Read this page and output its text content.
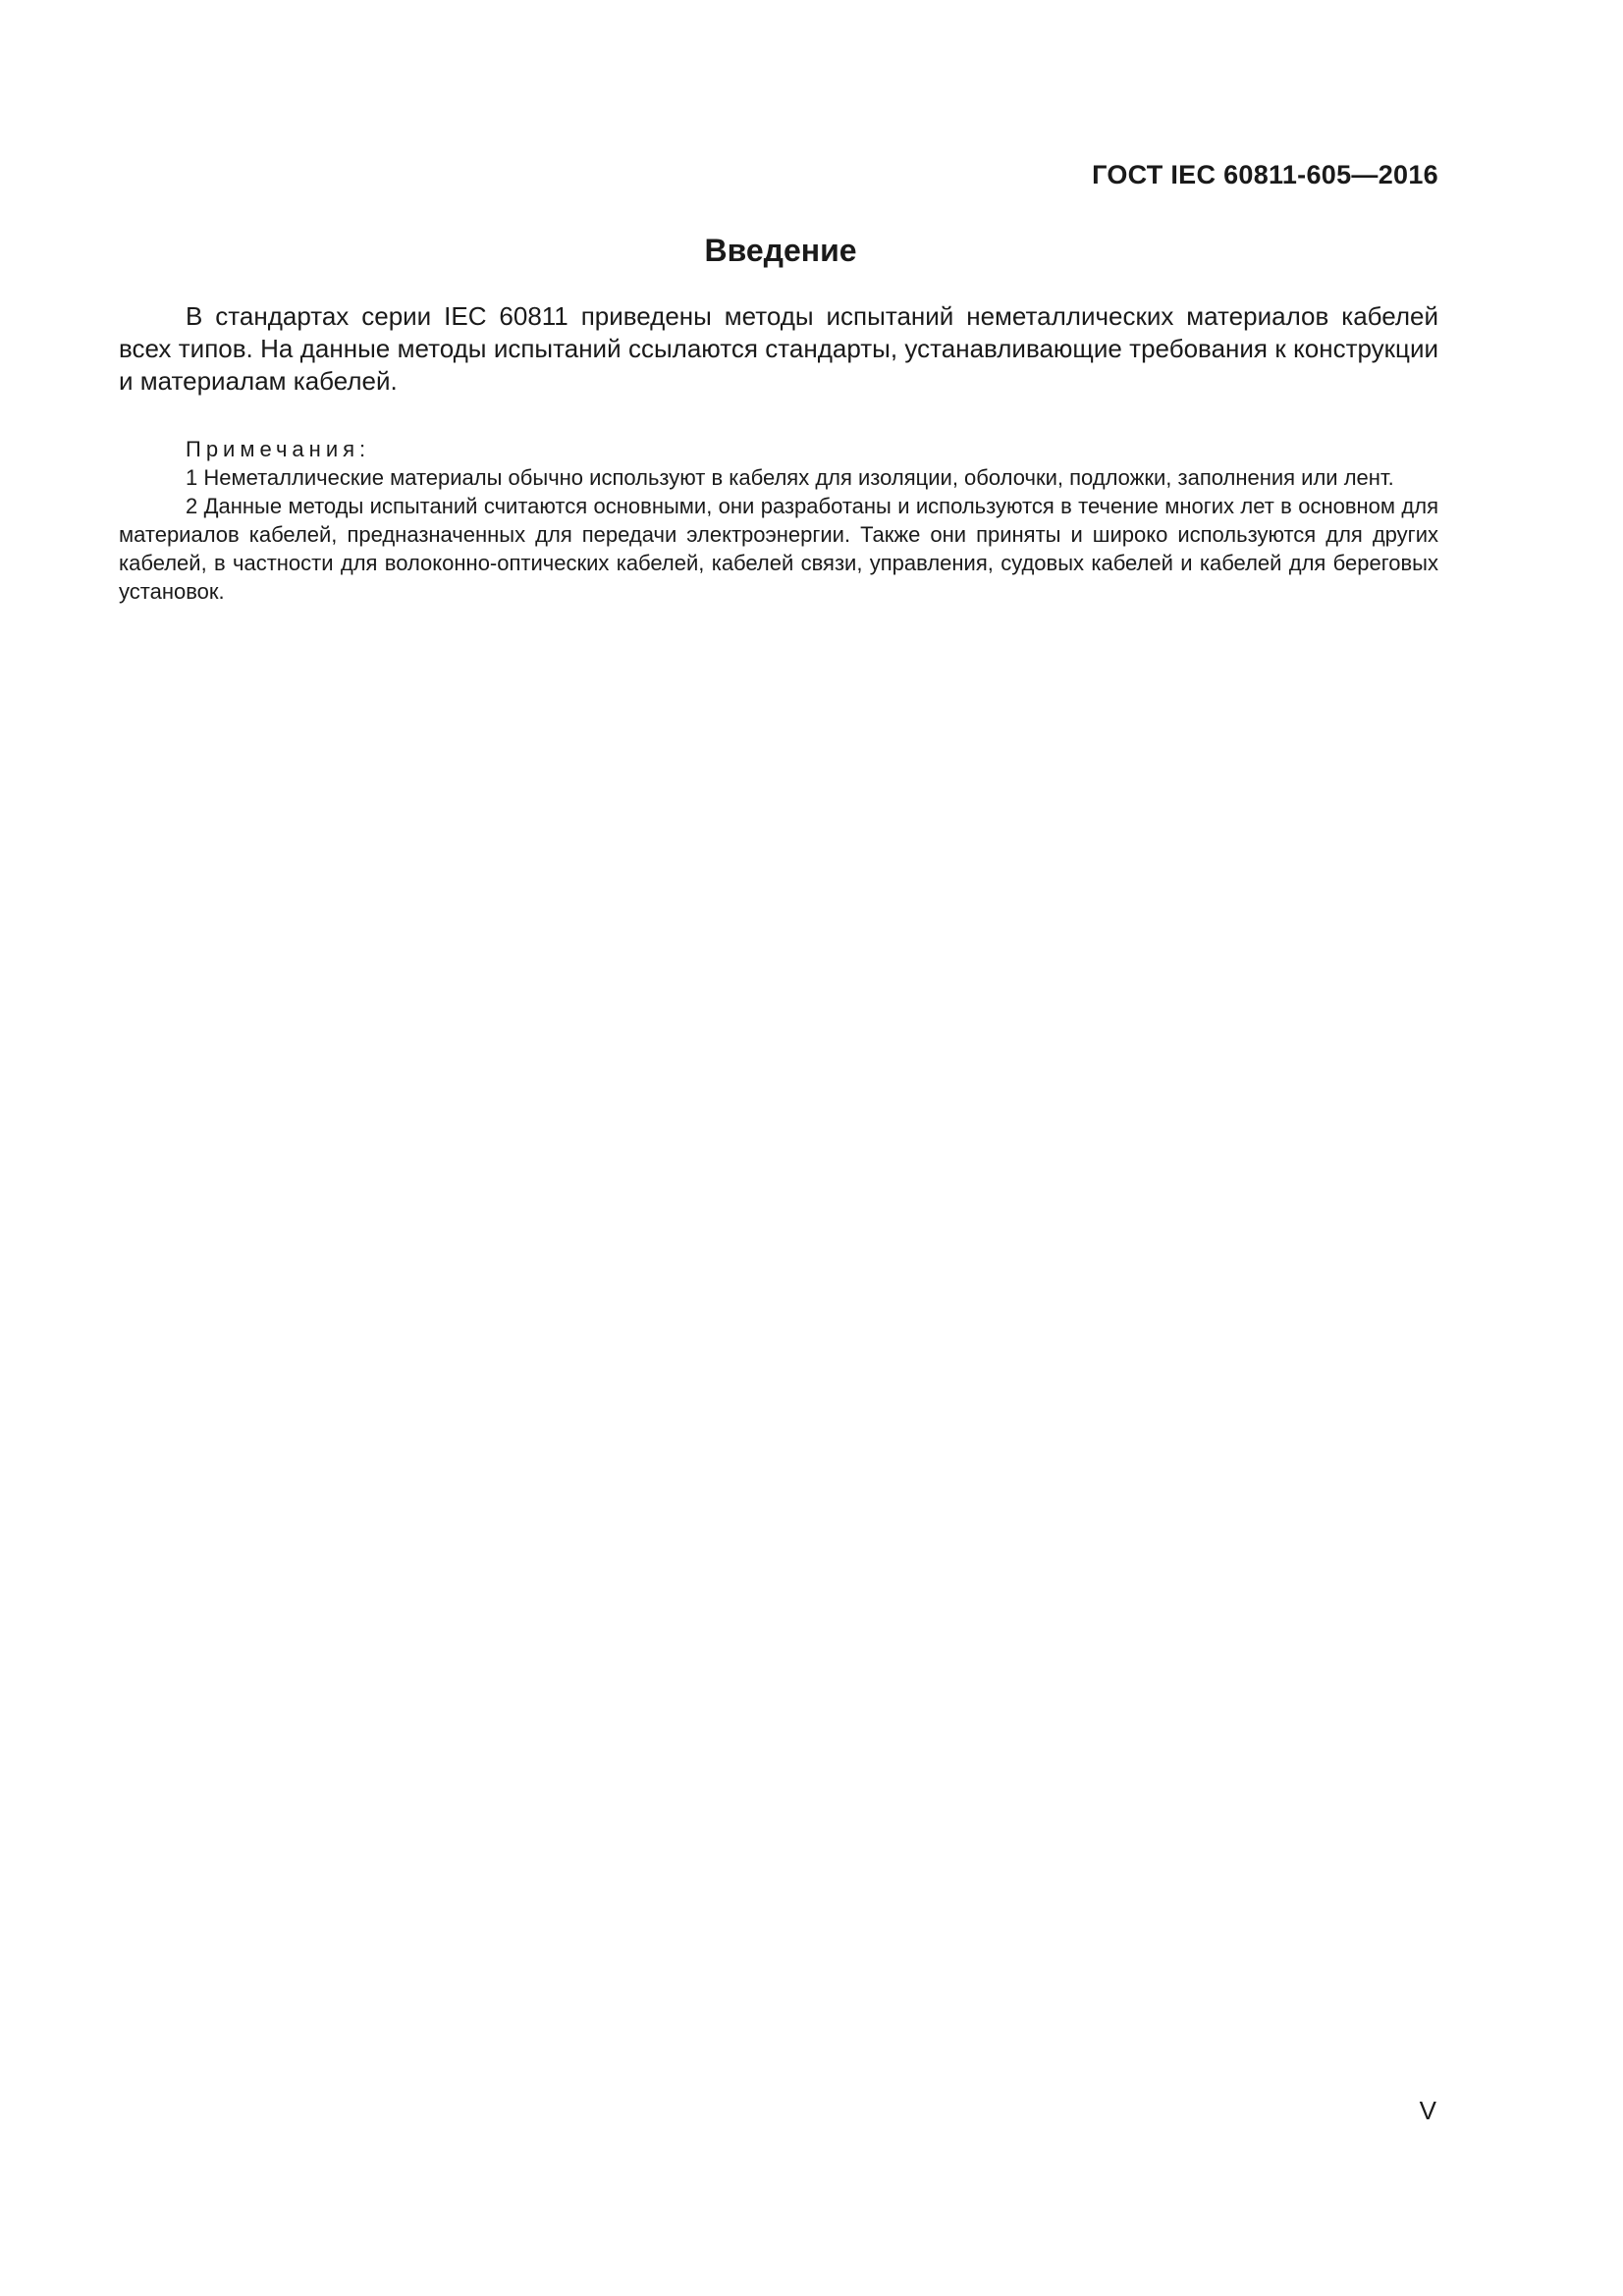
ГОСТ IEC 60811-605—2016
Введение

В стандартах серии IEC 60811 приведены методы испытаний неметаллических материалов кабелей всех типов. На данные методы испытаний ссылаются стандарты, устанавливающие требования к конструкции и материалам кабелей.

Примечания:

1 Неметаллические материалы обычно используют в кабелях для изоляции, оболочки, подложки, заполнения или лент.

2 Данные методы испытаний считаются основными, они разработаны и используются в течение многих лет в основном для материалов кабелей, предназначенных для передачи электроэнергии. Также они приняты и широко используются для других кабелей, в частности для волоконно-оптических кабелей, кабелей связи, управления, судовых кабелей и кабелей для береговых установок.

V
